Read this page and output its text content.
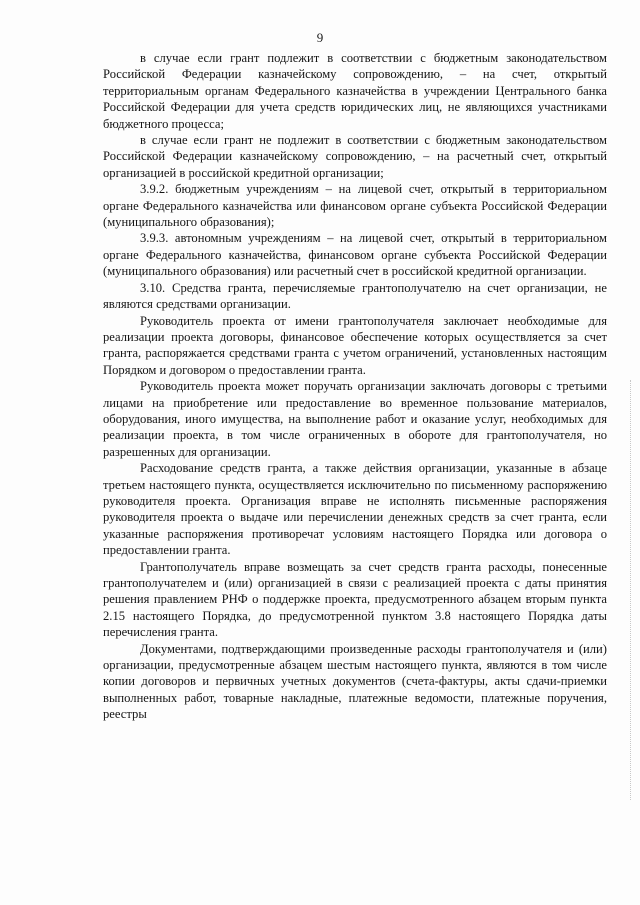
9

в случае если грант подлежит в соответствии с бюджетным законодательством Российской Федерации казначейскому сопровождению, – на счет, открытый территориальным органам Федерального казначейства в учреждении Центрального банка Российской Федерации для учета средств юридических лиц, не являющихся участниками бюджетного процесса;

в случае если грант не подлежит в соответствии с бюджетным законодательством Российской Федерации казначейскому сопровождению, – на расчетный счет, открытый организацией в российской кредитной организации;

3.9.2. бюджетным учреждениям – на лицевой счет, открытый в территориальном органе Федерального казначейства или финансовом органе субъекта Российской Федерации (муниципального образования);

3.9.3. автономным учреждениям – на лицевой счет, открытый в территориальном органе Федерального казначейства, финансовом органе субъекта Российской Федерации (муниципального образования) или расчетный счет в российской кредитной организации.

3.10. Средства гранта, перечисляемые грантополучателю на счет организации, не являются средствами организации.

Руководитель проекта от имени грантополучателя заключает необходимые для реализации проекта договоры, финансовое обеспечение которых осуществляется за счет гранта, распоряжается средствами гранта с учетом ограничений, установленных настоящим Порядком и договором о предоставлении гранта.

Руководитель проекта может поручать организации заключать договоры с третьими лицами на приобретение или предоставление во временное пользование материалов, оборудования, иного имущества, на выполнение работ и оказание услуг, необходимых для реализации проекта, в том числе ограниченных в обороте для грантополучателя, но разрешенных для организации.

Расходование средств гранта, а также действия организации, указанные в абзаце третьем настоящего пункта, осуществляется исключительно по письменному распоряжению руководителя проекта. Организация вправе не исполнять письменные распоряжения руководителя проекта о выдаче или перечислении денежных средств за счет гранта, если указанные распоряжения противоречат условиям настоящего Порядка или договора о предоставлении гранта.

Грантополучатель вправе возмещать за счет средств гранта расходы, понесенные грантополучателем и (или) организацией в связи с реализацией проекта с даты принятия решения правлением РНФ о поддержке проекта, предусмотренного абзацем вторым пункта 2.15 настоящего Порядка, до предусмотренной пунктом 3.8 настоящего Порядка даты перечисления гранта.

Документами, подтверждающими произведенные расходы грантополучателя и (или) организации, предусмотренные абзацем шестым настоящего пункта, являются в том числе копии договоров и первичных учетных документов (счета-фактуры, акты сдачи-приемки выполненных работ, товарные накладные, платежные ведомости, платежные поручения, реестры
